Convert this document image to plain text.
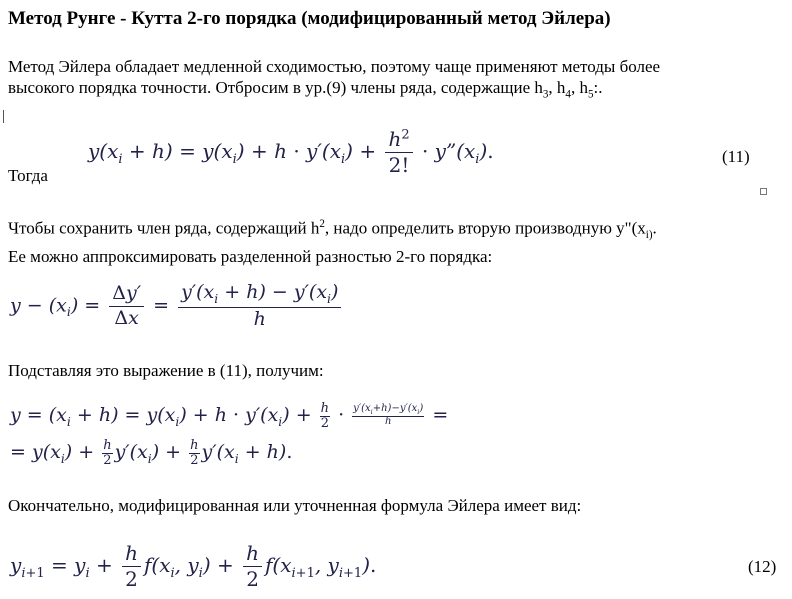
Метод Рунге - Кутта 2-го порядка (модифицированный метод Эйлера)
Метод Эйлера обладает медленной сходимостью, поэтому чаще применяют методы более
высокого порядка точности. Отбросим в ур.(9) члены ряда, содержащие $h_3$, $h_4$, $h_5$:.
$y(x_i + h) = y(x_i) + h \cdot y'(x_i) + \frac{h^2}{2!}$ · $y”(x_i)$.
Тогда
(11)
Чтобы сохранить член ряда, содержащий $h^2$, надо определить вторую производную $y"(x_{i)}$.
Ее можно аппроксимировать разделенной разностью 2-го порядка:
$y - (x_i) = \frac{\Delta y'}{\Delta x} = \frac{y'(x_i + h) - y'(x_i)}{h}$
Подставляя это выражение в (11), получим:
$y = (x_i + h) = y(x_i) + h \cdot y'(x_i) + \frac{h}{2} \cdot \frac{y'(x_i+h)-y'(x_i)}{h}$ =
= $y(x_i) + \frac{h}{2} y'(x_i) + \frac{h}{2} y'(x_i + h)$.
Окончательно, модифицированная или уточненная формула Эйлера имеет вид:
$y_{i+1} = y_i + \frac{h}{2} f(x_i$, $y_i) + \frac{h}{2} f(x_{i+1}$, $y_{i+1}$).	(12)
